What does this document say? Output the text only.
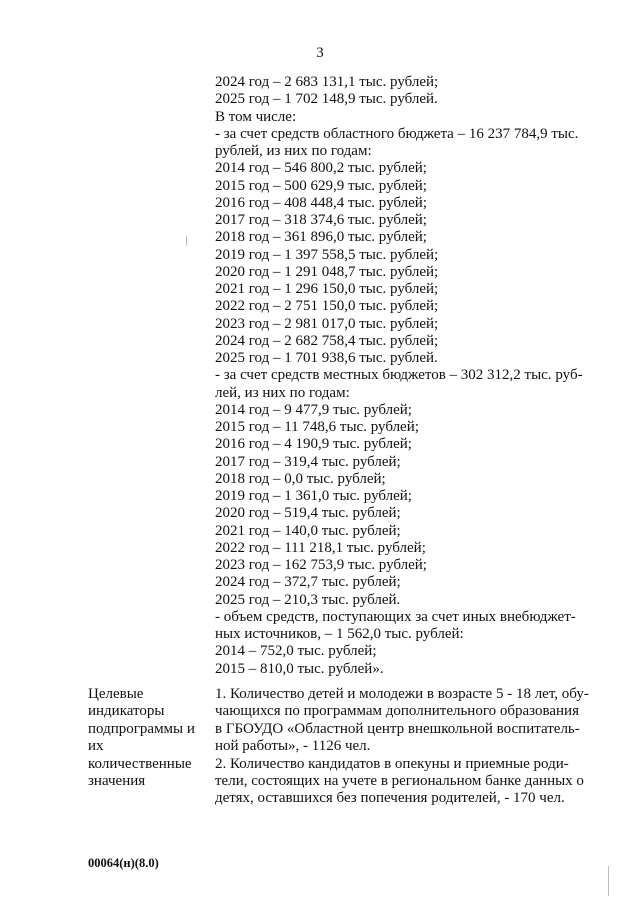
3
2024 год – 2 683 131,1 тыс. рублей;
2025 год – 1 702 148,9 тыс. рублей.
В том числе:
- за счет средств областного бюджета – 16 237 784,9 тыс.
рублей, из них по годам:
2014 год – 546 800,2 тыс. рублей;
2015 год – 500 629,9 тыс. рублей;
2016 год – 408 448,4 тыс. рублей;
2017 год – 318 374,6 тыс. рублей;
2018 год – 361 896,0 тыс. рублей;
2019 год – 1 397 558,5 тыс. рублей;
2020 год – 1 291 048,7 тыс. рублей;
2021 год – 1 296 150,0 тыс. рублей;
2022 год – 2 751 150,0 тыс. рублей;
2023 год – 2 981 017,0 тыс. рублей;
2024 год – 2 682 758,4 тыс. рублей;
2025 год – 1 701 938,6 тыс. рублей.
- за счет средств местных бюджетов – 302 312,2 тыс. руб-
лей, из них по годам:
2014 год – 9 477,9 тыс. рублей;
2015 год – 11 748,6 тыс. рублей;
2016 год – 4 190,9 тыс. рублей;
2017 год – 319,4 тыс. рублей;
2018 год – 0,0 тыс. рублей;
2019 год – 1 361,0 тыс. рублей;
2020 год – 519,4 тыс. рублей;
2021 год – 140,0 тыс. рублей;
2022 год – 111 218,1 тыс. рублей;
2023 год – 162 753,9 тыс. рублей;
2024 год – 372,7 тыс. рублей;
2025 год – 210,3 тыс. рублей.
- объем средств, поступающих за счет иных внебюджет-
ных источников, – 1 562,0 тыс. рублей:
2014 – 752,0 тыс. рублей;
2015 – 810,0 тыс. рублей».
Целевые
индикаторы
подпрограммы и
их
количественные
значения
1. Количество детей и молодежи в возрасте 5 - 18 лет, обу-
чающихся по программам дополнительного образования
в ГБОУДО «Областной центр внешкольной воспитатель-
ной работы», - 1126 чел.
2. Количество кандидатов в опекуны и приемные роди-
тели, состоящих на учете в региональном банке данных о
детях, оставшихся без попечения родителей, - 170 чел.
00064(н)(8.0)
